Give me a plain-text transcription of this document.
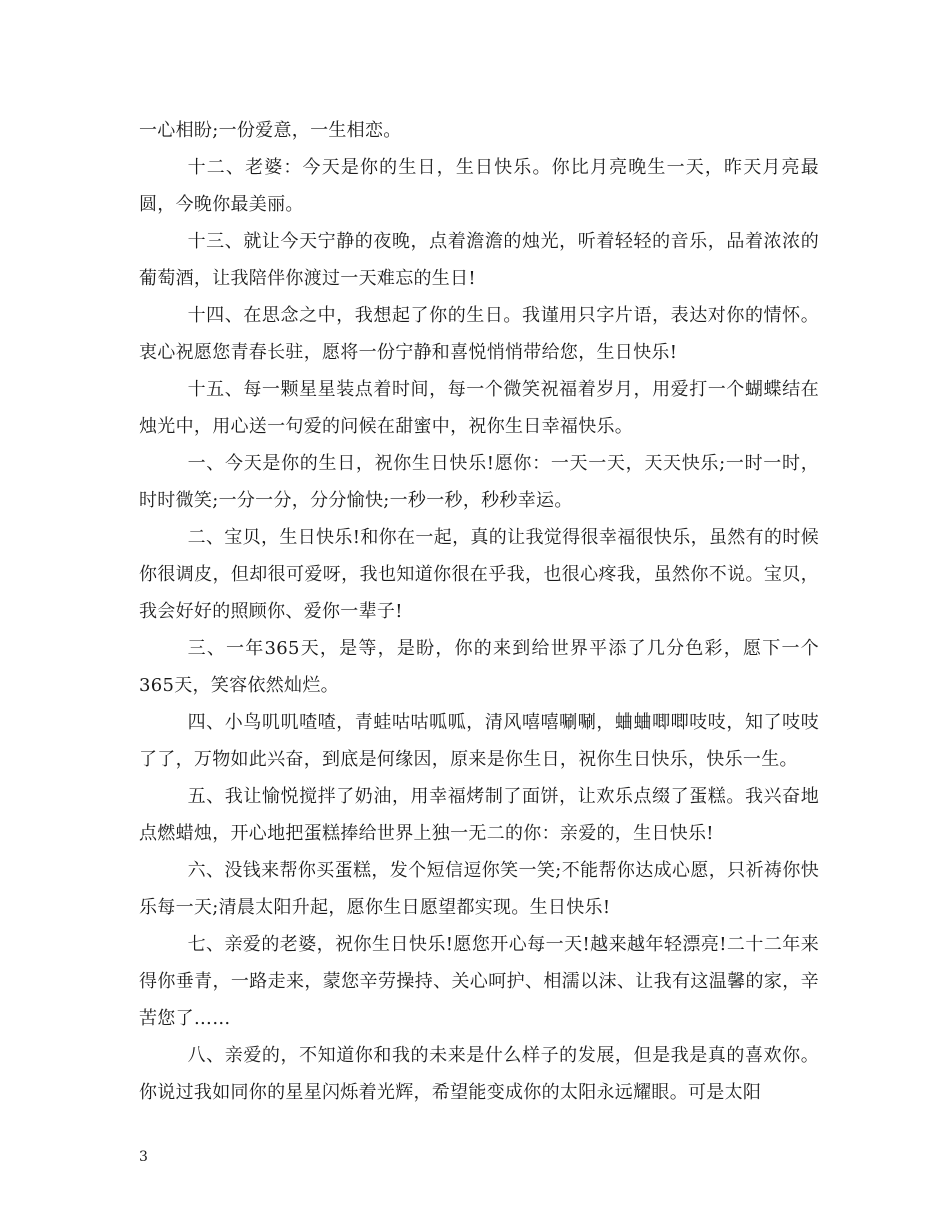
一心相盼;一份爱意，一生相恋。

十二、老婆：今天是你的生日，生日快乐。你比月亮晚生一天，昨天月亮最圆，今晚你最美丽。

十三、就让今天宁静的夜晚，点着澹澹的烛光，听着轻轻的音乐，品着浓浓的葡萄酒，让我陪伴你渡过一天难忘的生日!

十四、在思念之中，我想起了你的生日。我谨用只字片语，表达对你的情怀。衷心祝愿您青春长驻，愿将一份宁静和喜悦悄悄带给您，生日快乐!

十五、每一颗星星装点着时间，每一个微笑祝福着岁月，用爱打一个蝴蝶结在烛光中，用心送一句爱的问候在甜蜜中，祝你生日幸福快乐。

一、今天是你的生日，祝你生日快乐!愿你：一天一天，天天快乐;一时一时，时时微笑;一分一分，分分愉快;一秒一秒，秒秒幸运。

二、宝贝，生日快乐!和你在一起，真的让我觉得很幸福很快乐，虽然有的时候你很调皮，但却很可爱呀，我也知道你很在乎我，也很心疼我，虽然你不说。宝贝，我会好好的照顾你、爱你一辈子!

三、一年365天，是等，是盼，你的来到给世界平添了几分色彩，愿下一个365天，笑容依然灿烂。

四、小鸟叽叽喳喳，青蛙咕咕呱呱，清风嘻嘻唰唰，蛐蛐唧唧吱吱，知了吱吱了了，万物如此兴奋，到底是何缘因，原来是你生日，祝你生日快乐，快乐一生。

五、我让愉悦搅拌了奶油，用幸福烤制了面饼，让欢乐点缀了蛋糕。我兴奋地点燃蜡烛，开心地把蛋糕捧给世界上独一无二的你：亲爱的，生日快乐!

六、没钱来帮你买蛋糕，发个短信逗你笑一笑;不能帮你达成心愿，只祈祷你快乐每一天;清晨太阳升起，愿你生日愿望都实现。生日快乐!

七、亲爱的老婆，祝你生日快乐!愿您开心每一天!越来越年轻漂亮!二十二年来得你垂青，一路走来，蒙您辛劳操持、关心呵护、相濡以沫、让我有这温馨的家，辛苦您了……

八、亲爱的，不知道你和我的未来是什么样子的发展，但是我是真的喜欢你。你说过我如同你的星星闪烁着光辉，希望能变成你的太阳永远耀眼。可是太阳

3
